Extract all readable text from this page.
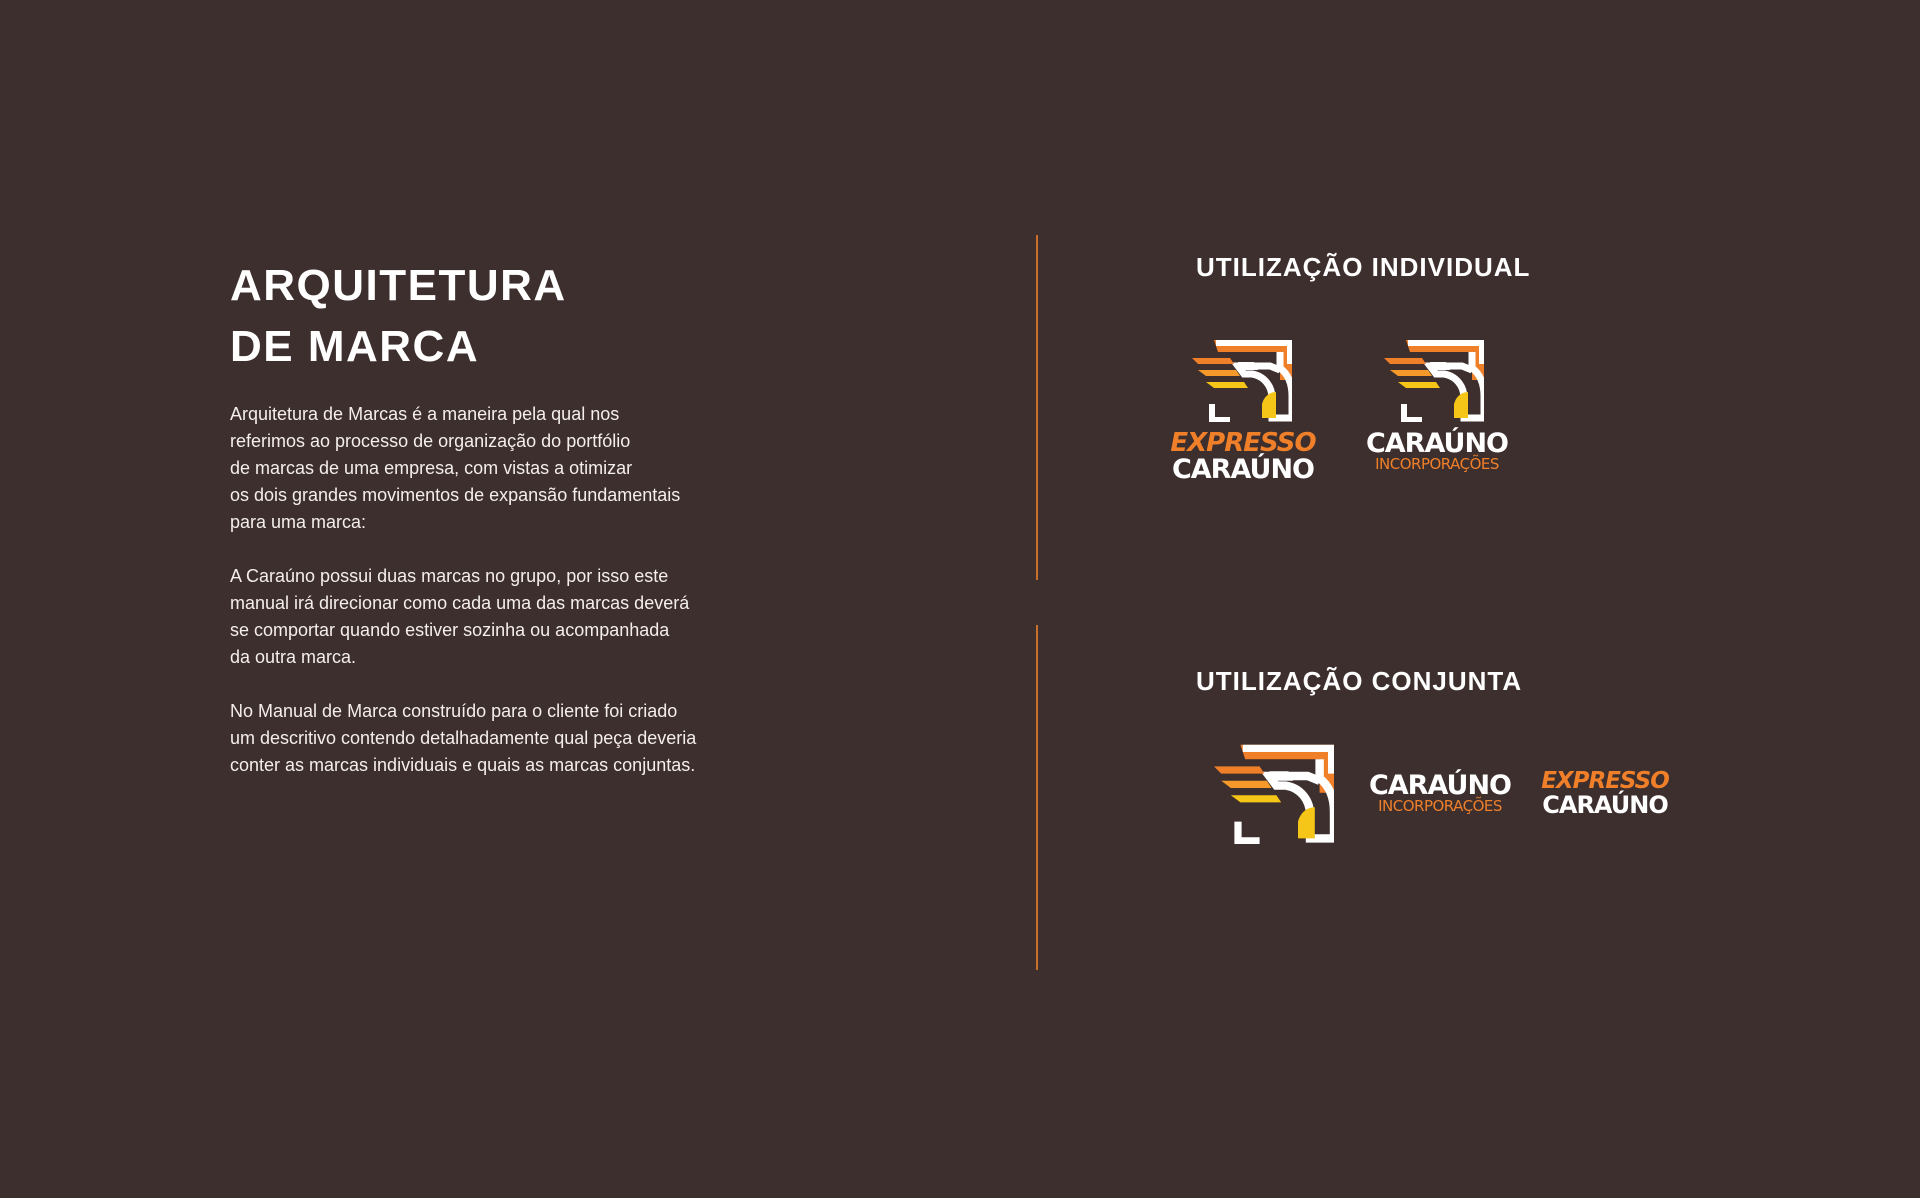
ARQUITETURA
DE MARCA

Arquitetura de Marcas é a maneira pela qual nos
referimos ao processo de organização do portfólio
de marcas de uma empresa, com vistas a otimizar
os dois grandes movimentos de expansão fundamentais
para uma marca:

A Caraúno possui duas marcas no grupo, por isso este
manual irá direcionar como cada uma das marcas deverá
se comportar quando estiver sozinha ou acompanhada
da outra marca.

No Manual de Marca construído para o cliente foi criado
um descritivo contendo detalhadamente qual peça deveria
conter as marcas individuais e quais as marcas conjuntas.

UTILIZAÇÃO INDIVIDUAL
UTILIZAÇÃO CONJUNTA
EXPRESSO
CARAÚNO
CARAÚNO
INCORPORAÇÕES
CARAÚNO
INCORPORAÇÕES
EXPRESSO
CARAÚNO
